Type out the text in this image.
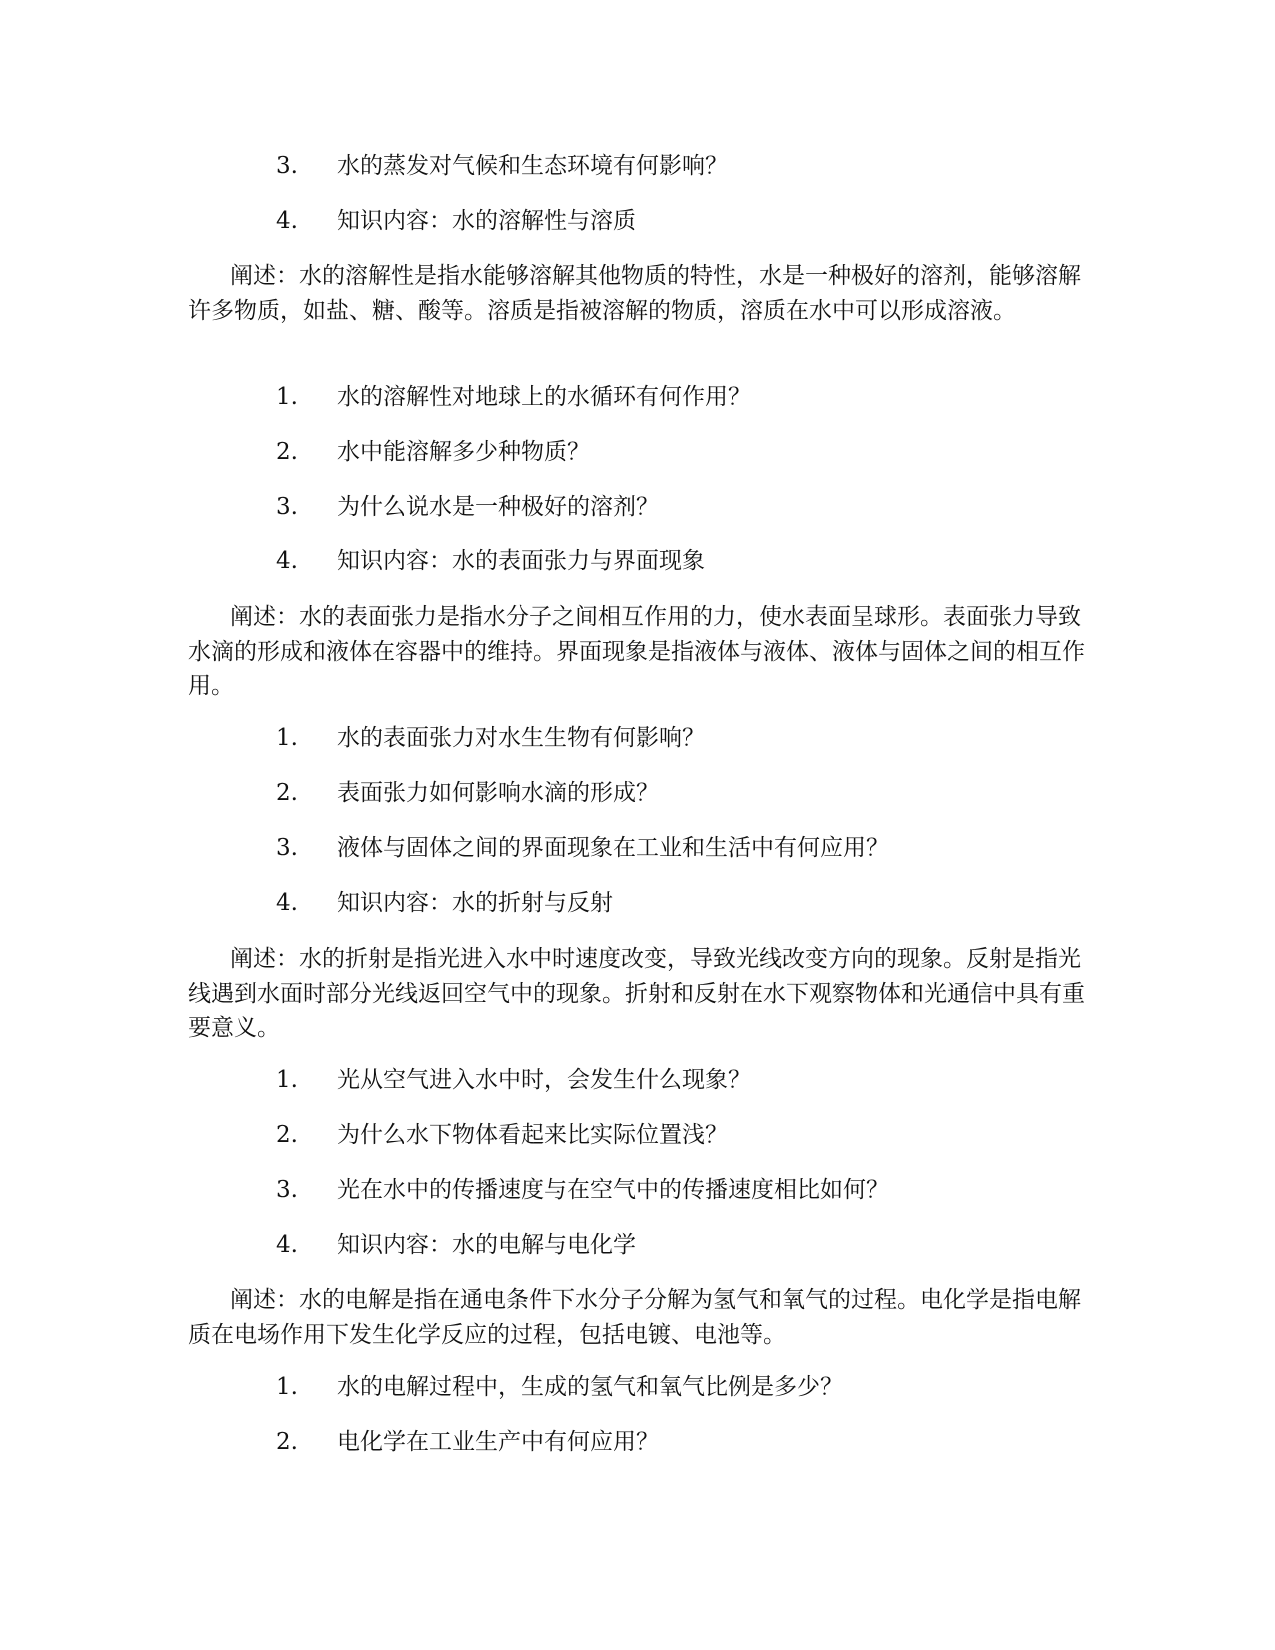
3. 水的蒸发对气候和生态环境有何影响？
4. 知识内容：水的溶解性与溶质

阐述：水的溶解性是指水能够溶解其他物质的特性，水是一种极好的溶剂，能够溶解许多物质，如盐、糖、酸等。溶质是指被溶解的物质，溶质在水中可以形成溶液。

1. 水的溶解性对地球上的水循环有何作用？
2. 水中能溶解多少种物质？
3. 为什么说水是一种极好的溶剂？
4. 知识内容：水的表面张力与界面现象

阐述：水的表面张力是指水分子之间相互作用的力，使水表面呈球形。表面张力导致水滴的形成和液体在容器中的维持。界面现象是指液体与液体、液体与固体之间的相互作用。

1. 水的表面张力对水生生物有何影响？
2. 表面张力如何影响水滴的形成？
3. 液体与固体之间的界面现象在工业和生活中有何应用？
4. 知识内容：水的折射与反射

阐述：水的折射是指光进入水中时速度改变，导致光线改变方向的现象。反射是指光线遇到水面时部分光线返回空气中的现象。折射和反射在水下观察物体和光通信中具有重要意义。

1. 光从空气进入水中时，会发生什么现象？
2. 为什么水下物体看起来比实际位置浅？
3. 光在水中的传播速度与在空气中的传播速度相比如何？
4. 知识内容：水的电解与电化学

阐述：水的电解是指在通电条件下水分子分解为氢气和氧气的过程。电化学是指电解质在电场作用下发生化学反应的过程，包括电镀、电池等。

1. 水的电解过程中，生成的氢气和氧气比例是多少？
2. 电化学在工业生产中有何应用？
